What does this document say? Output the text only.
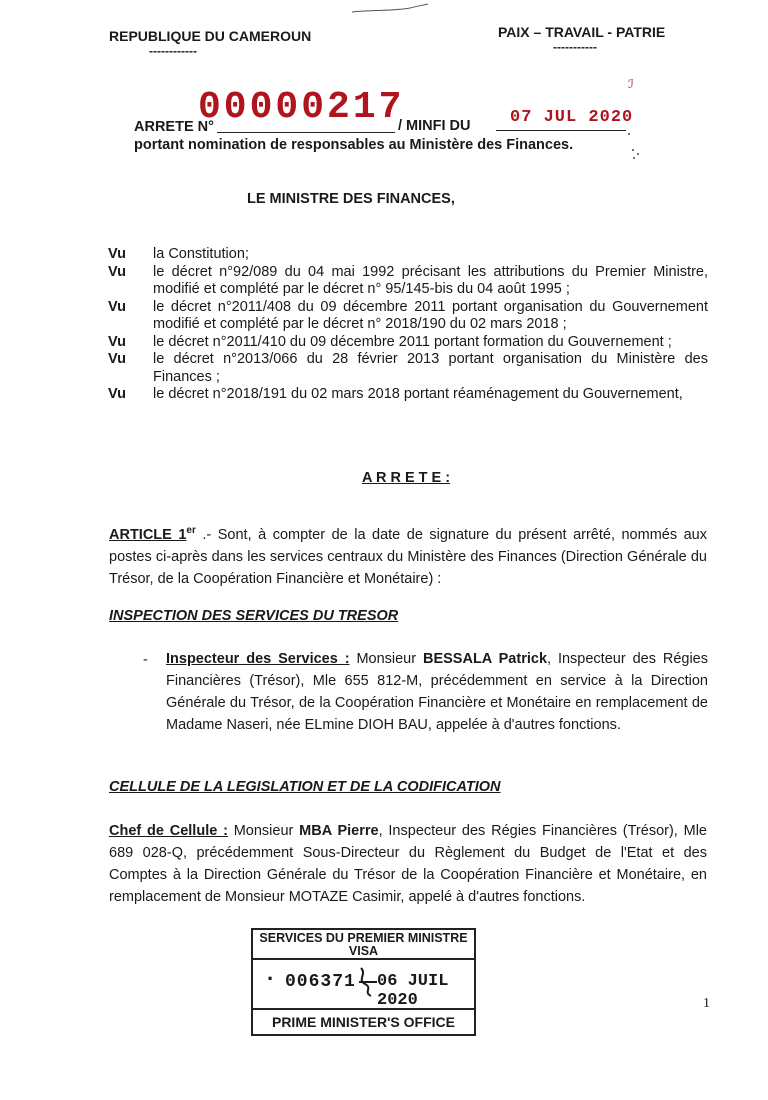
REPUBLIQUE DU CAMEROUN
------------
PAIX – TRAVAIL - PATRIE
-----------
ARRETE N°
00000217
/ MINFI DU 07 JUL 2020
portant nomination de responsables au Ministère des Finances.
ℐ
LE MINISTRE DES FINANCES,
Vu	la Constitution;
Vu	le décret n°92/089 du 04 mai 1992 précisant les attributions du Premier Ministre, modifié et complété par le décret n° 95/145-bis du 04 août 1995 ;
Vu	le décret n°2011/408 du 09 décembre 2011 portant organisation du Gouvernement modifié et complété par le décret n° 2018/190 du 02 mars 2018 ;
Vu	le décret n°2011/410 du 09 décembre 2011 portant formation du Gouvernement ;
Vu	le décret n°2013/066 du 28 février 2013 portant organisation du Ministère des Finances ;
Vu	le décret n°2018/191 du 02 mars 2018 portant réaménagement du Gouvernement,
A R R E T E :
ARTICLE 1er .- Sont, à compter de la date de signature du présent arrêté, nommés aux postes ci-après dans les services centraux du Ministère des Finances (Direction Générale du Trésor, de la Coopération Financière et Monétaire) :
INSPECTION DES SERVICES DU TRESOR
- Inspecteur des Services : Monsieur BESSALA Patrick, Inspecteur des Régies Financières (Trésor), Mle 655 812-M, précédemment en service à la Direction Générale du Trésor, de la Coopération Financière et Monétaire en remplacement de Madame Naseri, née ELmine DIOH BAU, appelée à d'autres fonctions.
CELLULE DE LA LEGISLATION ET DE LA CODIFICATION
Chef de Cellule : Monsieur MBA Pierre, Inspecteur des Régies Financières (Trésor), Mle 689 028-Q, précédemment Sous-Directeur du Règlement du Budget de l'Etat et des Comptes à la Direction Générale du Trésor de la Coopération Financière et Monétaire, en remplacement de Monsieur MOTAZE Casimir, appelé à d'autres fonctions.
SERVICES DU PREMIER MINISTRE
VISA
· 006371 06 JUIL 2020
PRIME MINISTER'S OFFICE
1
